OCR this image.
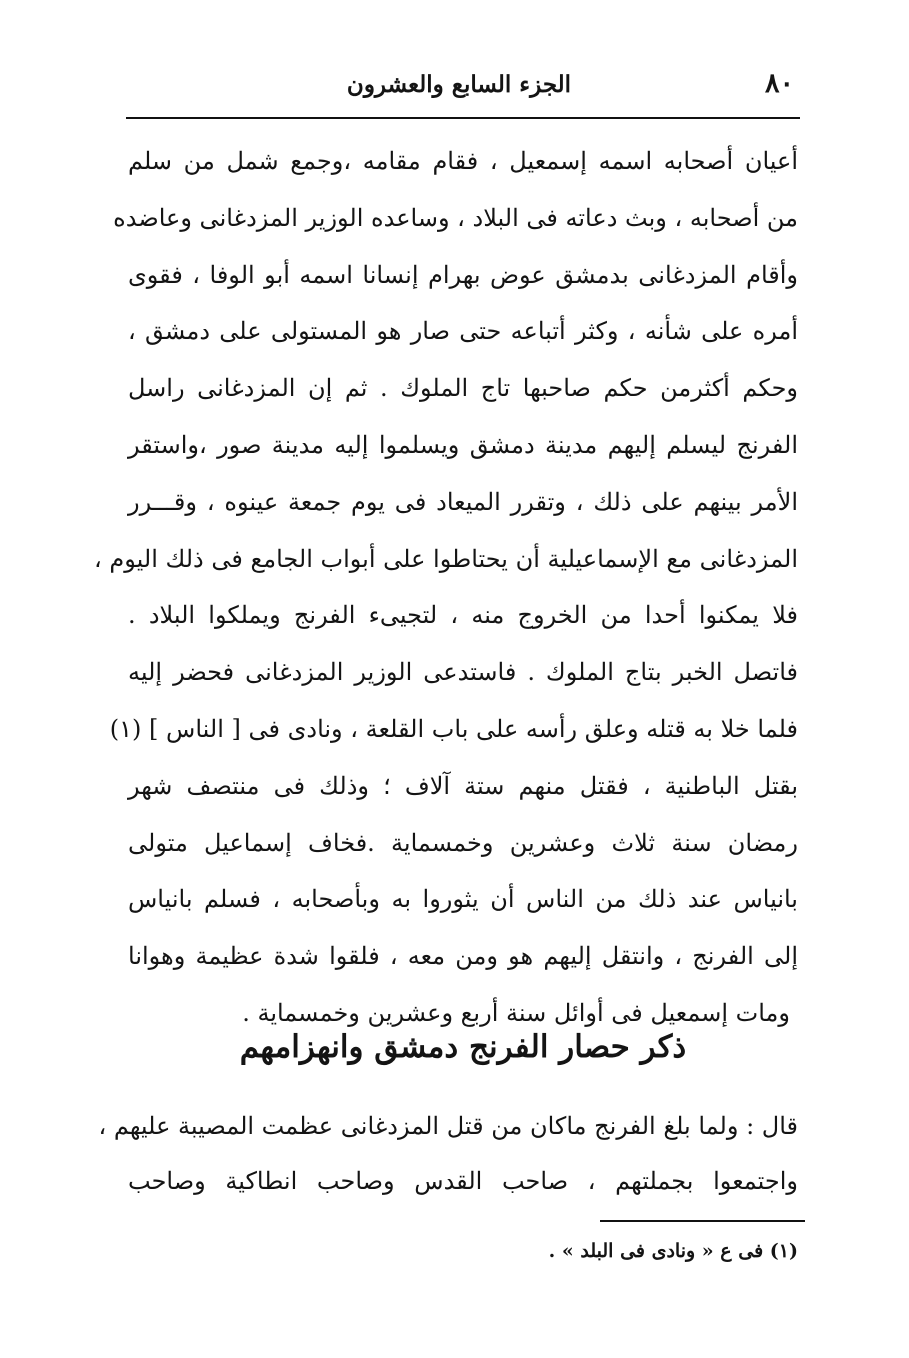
٨٠
الجزء السابع والعشرون
أعيان أصحابه اسمه إسمعيل ، فقام مقامه ،وجمع شمل من سلم
من أصحابه ، وبث دعاته فى البلاد ، وساعده الوزير المزدغانى وعاضده
وأقام المزدغانى بدمشق عوض بهرام إنسانا اسمه أبو الوفا ، فقوى
أمره على شأنه ، وكثر أتباعه حتى صار هو المستولى على دمشق ،
وحكم أكثرمن حكم صاحبها تاج الملوك . ثم إن المزدغانى راسل
الفرنج ليسلم إليهم مدينة دمشق ويسلموا إليه مدينة صور ،واستقر
الأمر بينهم على ذلك ، وتقرر الميعاد فى يوم جمعة عينوه ، وقـــرر
المزدغانى مع الإسماعيلية أن يحتاطوا على أبواب الجامع فى ذلك اليوم ،
فلا يمكنوا أحدا من الخروج منه ، لتجيىء الفرنج ويملكوا البلاد .
فاتصل الخبر بتاج الملوك . فاستدعى الوزير المزدغانى فحضر إليه
فلما خلا به قتله وعلق رأسه على باب القلعة ، ونادى فى [ الناس ] (١)
بقتل الباطنية ، فقتل منهم ستة آلاف ؛ وذلك فى منتصف شهر
رمضان سنة ثلاث وعشرين وخمسماية .فخاف إسماعيل متولى
بانياس عند ذلك من الناس أن يثوروا به وبأصحابه ، فسلم بانياس
إلى الفرنج ، وانتقل إليهم هو ومن معه ، فلقوا شدة عظيمة وهوانا
ومات إسمعيل فى أوائل سنة أربع وعشرين وخمسماية .
ذكر حصار الفرنج دمشق وانهزامهم
قال : ولما بلغ الفرنج ماكان من قتل المزدغانى عظمت المصيبة عليهم ،
واجتمعوا بجملتهم ، صاحب القدس وصاحب انطاكية وصاحب
(١) فى ع « ونادى فى البلد » .
